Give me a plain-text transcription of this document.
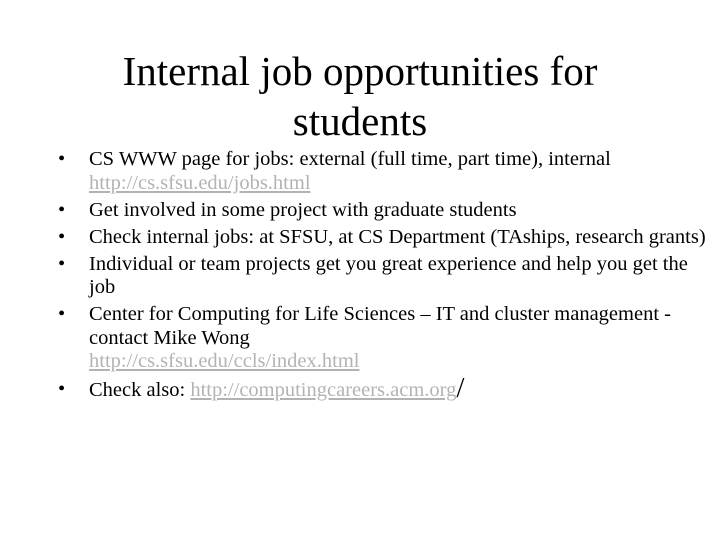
Internal job opportunities for
students
• CS WWW page for jobs: external (full time, part time), internal http://cs.sfsu.edu/jobs.html
• Get involved in some project with graduate students
• Check internal jobs: at SFSU, at CS Department (TAships, research grants)
• Individual or team projects get you great experience and help you get the job
• Center for Computing for Life Sciences – IT and cluster management - contact Mike Wong
http://cs.sfsu.edu/ccls/index.html
• Check also: http://computingcareers.acm.org/
